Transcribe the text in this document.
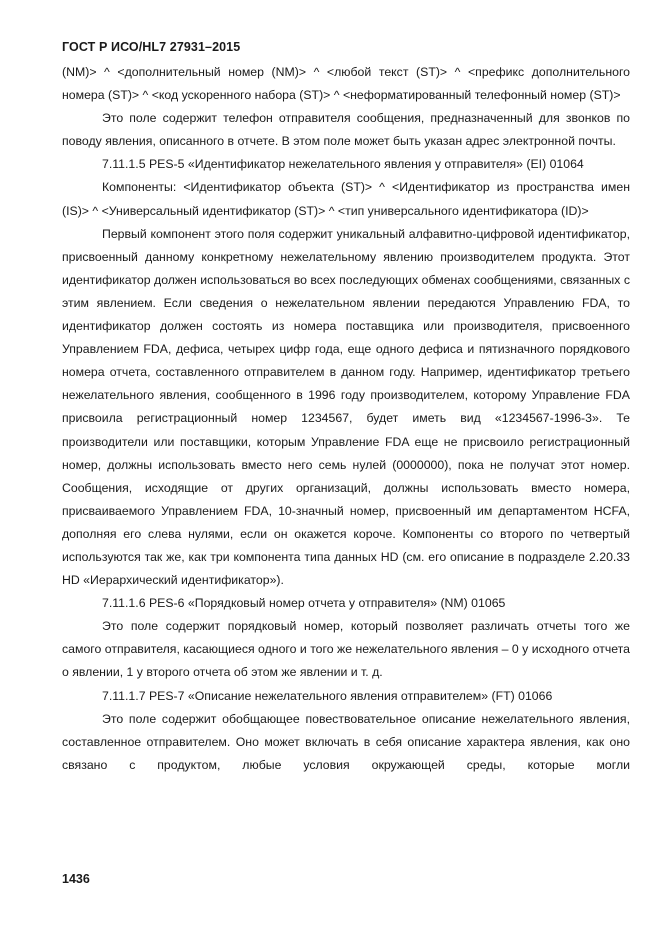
ГОСТ Р ИСО/HL7 27931–2015

(NM)> ^ <дополнительный номер (NM)> ^ <любой текст (ST)> ^ <префикс дополнительного номера (ST)> ^ <код ускоренного набора (ST)> ^ <неформатированный телефонный номер (ST)>

Это поле содержит телефон отправителя сообщения, предназначенный для звонков по поводу явления, описанного в отчете. В этом поле может быть указан адрес электронной почты.

7.11.1.5 PES-5 «Идентификатор нежелательного явления у отправителя» (EI) 01064

Компоненты: <Идентификатор объекта (ST)> ^ <Идентификатор из пространства имен (IS)> ^ <Универсальный идентификатор (ST)> ^ <тип универсального идентификатора (ID)>

Первый компонент этого поля содержит уникальный алфавитно-цифровой идентификатор, присвоенный данному конкретному нежелательному явлению производителем продукта. Этот идентификатор должен использоваться во всех последующих обменах сообщениями, связанных с этим явлением. Если сведения о нежелательном явлении передаются Управлению FDA, то идентификатор должен состоять из номера поставщика или производителя, присвоенного Управлением FDA, дефиса, четырех цифр года, еще одного дефиса и пятизначного порядкового номера отчета, составленного отправителем в данном году. Например, идентификатор третьего нежелательного явления, сообщенного в 1996 году производителем, которому Управление FDA присвоила регистрационный номер 1234567, будет иметь вид «1234567-1996-3». Те производители или поставщики, которым Управление FDA еще не присвоило регистрационный номер, должны использовать вместо него семь нулей (0000000), пока не получат этот номер. Сообщения, исходящие от других организаций, должны использовать вместо номера, присваиваемого Управлением FDA, 10-значный номер, присвоенный им департаментом HCFA, дополняя его слева нулями, если он окажется короче. Компоненты со второго по четвертый используются так же, как три компонента типа данных HD (см. его описание в подразделе 2.20.33 HD «Иерархический идентификатор»).

7.11.1.6 PES-6 «Порядковый номер отчета у отправителя» (NM) 01065

Это поле содержит порядковый номер, который позволяет различать отчеты того же самого отправителя, касающиеся одного и того же нежелательного явления – 0 у исходного отчета о явлении, 1 у второго отчета об этом же явлении и т. д.

7.11.1.7 PES-7 «Описание нежелательного явления отправителем» (FT) 01066

Это поле содержит обобщающее повествовательное описание нежелательного явления, составленное отправителем. Оно может включать в себя описание характера явления, как оно связано с продуктом, любые условия окружающей среды, которые могли

1436
